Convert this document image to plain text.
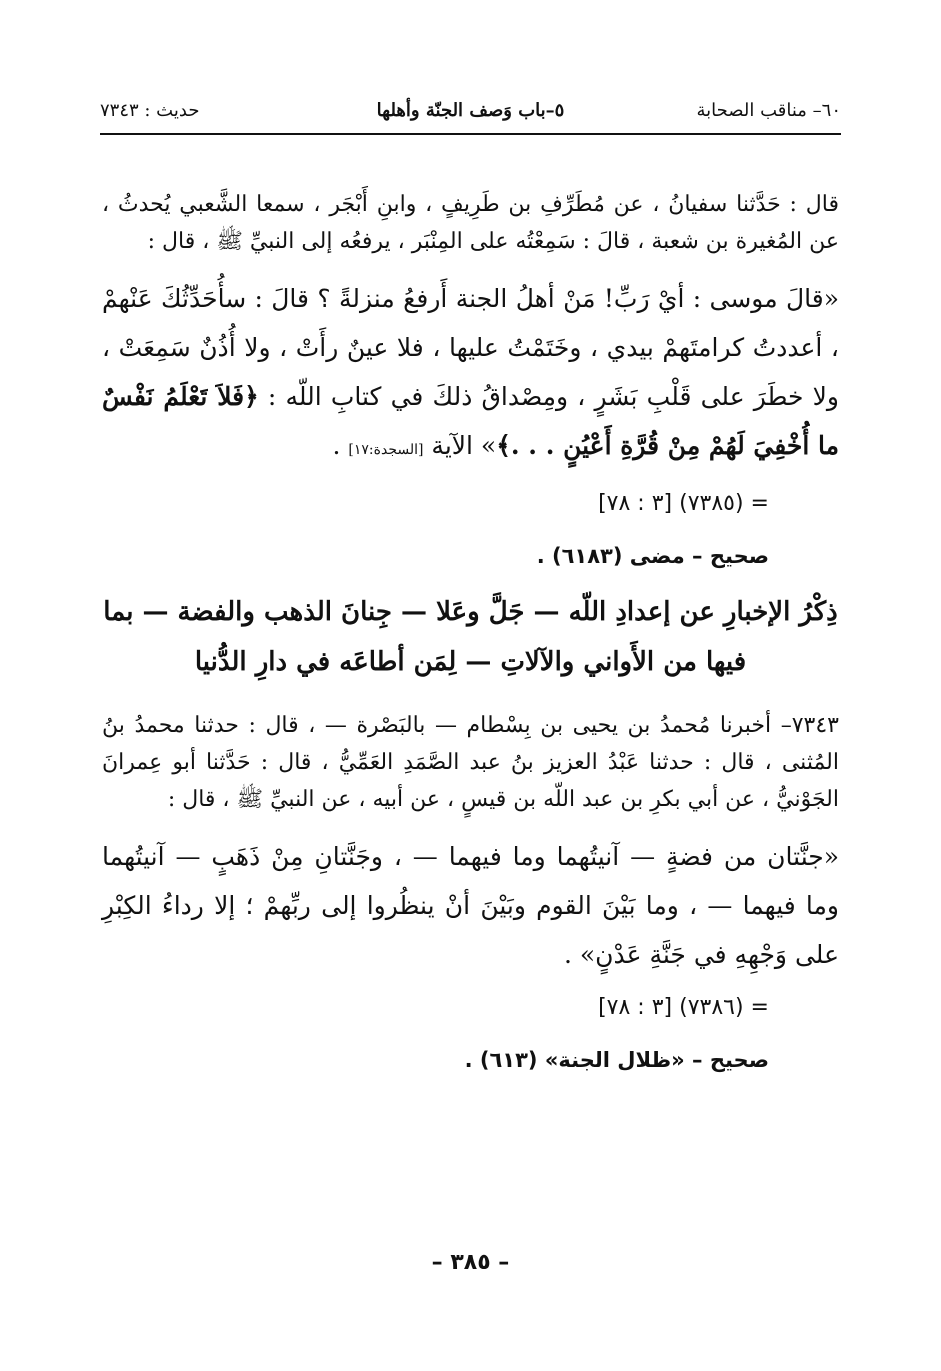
٦٠– مناقب الصحابة
٥–باب وَصف الجنّة وأهلها
حديث : ٧٣٤٣

قال : حَدَّثنا سفيانُ ، عن مُطَرِّفِ بن طَرِيفٍ ، وابنِ أَبْجَر ، سمعا الشَّعبي يُحدثُ ، عن المُغيرة بن شعبة ، قالَ : سَمِعْتُه على المِنْبَر ، يرفعُه إلى النبيِّ ﷺ ، قال :

«قالَ موسى : أيْ رَبِّ! مَنْ أهلُ الجنة أَرفعُ منزلةً ؟ قالَ : سأُحَدِّثُكَ عَنْهمْ ، أعددتُ كرامتَهمْ بيدي ، وخَتَمْتُ عليها ، فلا عينٌ رأَتْ ، ولا أُذُنٌ سَمِعَتْ ، ولا خطَرَ على قَلْبِ بَشَرٍ ، ومِصْداقُ ذلكَ في كتابِ اللّه : ﴿فَلاَ تَعْلَمُ نَفْسٌ ما أُخْفِيَ لَهُمْ مِنْ قُرَّةِ أَعْيُنٍ . . .﴾» الآية [السجدة:١٧] .

= (٧٣٨٥) [٣ : ٧٨]

صحيح – مضى (٦١٨٣) .

ذِكْرُ الإخبارِ عن إعدادِ اللّه — جَلَّ وعَلا — جِنانَ الذهب والفضة — بما فيها من الأَواني والآلاتِ — لِمَن أطاعَه في دارِ الدُّنيا

٧٣٤٣– أخبرنا مُحمدُ بن يحيى بن بِسْطام — بالبَصْرة — ، قال : حدثنا محمدُ بنُ المُثنى ، قال : حدثنا عَبْدُ العزيز بنُ عبد الصَّمَدِ العَمِّيُّ ، قال : حَدَّثنا أبو عِمرانَ الجَوْنيُّ ، عن أبي بكرِ بن عبد اللّه بن قيسٍ ، عن أبيه ، عن النبيِّ ﷺ ، قال :

«جنَّتان من فضةٍ — آنيتُهما وما فيهما — ، وجَنَّتانِ مِنْ ذَهَبٍ — آنيتُهما وما فيهما — ، وما بَيْنَ القوم وبَيْنَ أنْ ينظُروا إلى ربِّهمْ ؛ إلا رداءُ الكِبْرِ على وَجْهِهِ في جَنَّةِ عَدْنٍ» .

= (٧٣٨٦) [٣ : ٧٨]

صحيح – «ظلال الجنة» (٦١٣) .

– ٣٨٥ –
